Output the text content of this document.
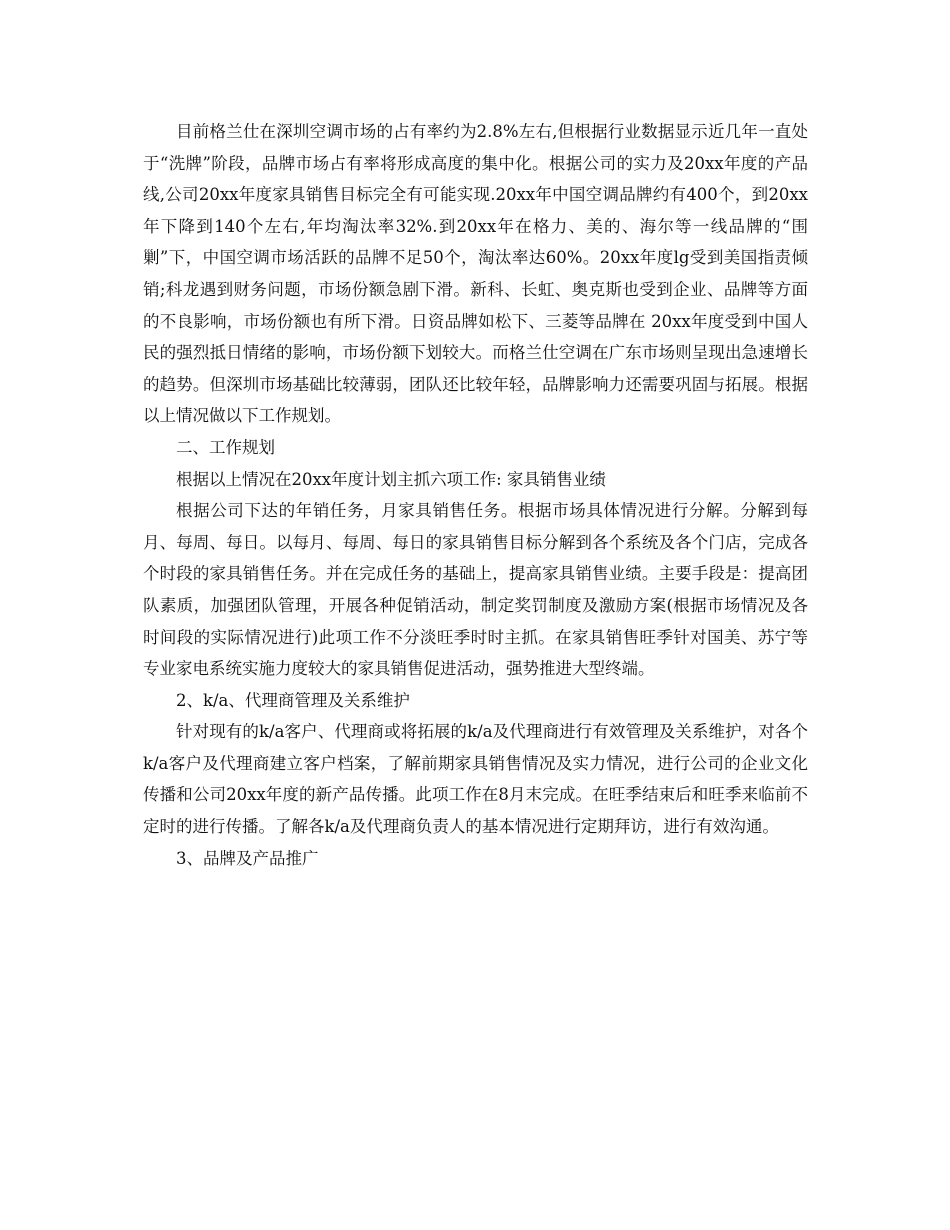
目前格兰仕在深圳空调市场的占有率约为2.8%左右,但根据行业数据显示近几年一直处于“洗牌”阶段，品牌市场占有率将形成高度的集中化。根据公司的实力及20xx年度的产品线,公司20xx年度家具销售目标完全有可能实现.20xx年中国空调品牌约有400个，到20xx年下降到140个左右,年均淘汰率32%.到20xx年在格力、美的、海尔等一线品牌的“围剿”下，中国空调市场活跃的品牌不足50个，淘汰率达60%。20xx年度lg受到美国指责倾销;科龙遇到财务问题，市场份额急剧下滑。新科、长虹、奥克斯也受到企业、品牌等方面的不良影响，市场份额也有所下滑。日资品牌如松下、三菱等品牌在 20xx年度受到中国人民的强烈抵日情绪的影响，市场份额下划较大。而格兰仕空调在广东市场则呈现出急速增长的趋势。但深圳市场基础比较薄弱，团队还比较年轻，品牌影响力还需要巩固与拓展。根据以上情况做以下工作规划。

二、工作规划

根据以上情况在20xx年度计划主抓六项工作: 家具销售业绩

根据公司下达的年销任务，月家具销售任务。根据市场具体情况进行分解。分解到每月、每周、每日。以每月、每周、每日的家具销售目标分解到各个系统及各个门店，完成各个时段的家具销售任务。并在完成任务的基础上，提高家具销售业绩。主要手段是：提高团队素质，加强团队管理，开展各种促销活动，制定奖罚制度及激励方案(根据市场情况及各时间段的实际情况进行)此项工作不分淡旺季时时主抓。在家具销售旺季针对国美、苏宁等专业家电系统实施力度较大的家具销售促进活动，强势推进大型终端。

2、k/a、代理商管理及关系维护

针对现有的k/a客户、代理商或将拓展的k/a及代理商进行有效管理及关系维护，对各个k/a客户及代理商建立客户档案，了解前期家具销售情况及实力情况，进行公司的企业文化传播和公司20xx年度的新产品传播。此项工作在8月末完成。在旺季结束后和旺季来临前不定时的进行传播。了解各k/a及代理商负责人的基本情况进行定期拜访，进行有效沟通。

3、品牌及产品推广
